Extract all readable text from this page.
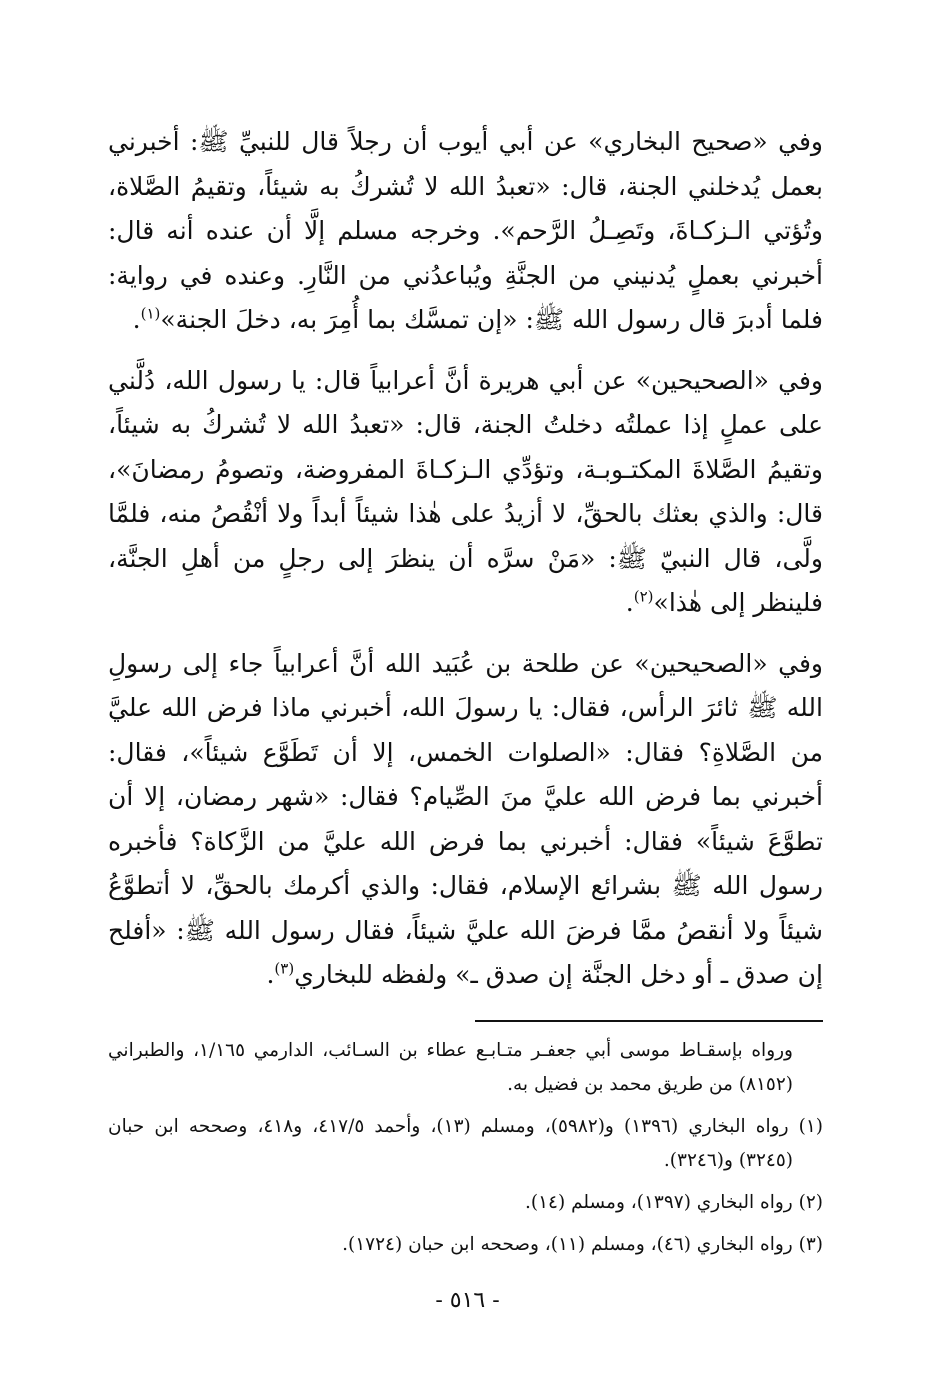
وفي «صحيح البخاري» عن أبي أيوب أن رجلاً قال للنبيِّ ﷺ: أخبرني بعمل يُدخلني الجنة، قال: «تعبدُ الله لا تُشركُ به شيئاً، وتقيمُ الصَّلاة، وتُؤتي الـزكـاةَ، وتَصِـلُ الرَّحم». وخرجه مسلم إلَّا أن عنده أنه قال: أخبرني بعملٍ يُدنيني من الجنَّةِ ويُباعدُني من النَّارِ. وعنده في رواية: فلما أدبرَ قال رسول الله ﷺ: «إن تمسَّك بما أُمِرَ به، دخلَ الجنة»$^{(١)}$.

وفي «الصحيحين» عن أبي هريرة أنَّ أعرابياً قال: يا رسول الله، دُلَّني على عملٍ إذا عملتُه دخلتُ الجنة، قال: «تعبدُ الله لا تُشركُ به شيئاً، وتقيمُ الصَّلاةَ المكتـوبـة، وتؤدِّي الـزكـاةَ المفروضة، وتصومُ رمضانَ»، قال: والذي بعثك بالحقِّ، لا أزيدُ على هٰذا شيئاً أبداً ولا أنْقُصُ منه، فلمَّا ولَّى، قال النبيّ ﷺ: «مَنْ سرَّه أن ينظرَ إلى رجلٍ من أهلِ الجنَّة، فلينظر إلى هٰذا»$^{(٢)}$.

وفي «الصحيحين» عن طلحة بن عُبَيد الله أنَّ أعرابياً جاء إلى رسولِ الله ﷺ ثائرَ الرأس، فقال: يا رسولَ الله، أخبرني ماذا فرض الله عليَّ من الصَّلاةِ؟ فقال: «الصلوات الخمس، إلا أن تَطَوَّع شيئاً»، فقال: أخبرني بما فرض الله عليَّ منَ الصِّيام؟ فقال: «شهر رمضان، إلا أن تطوَّعَ شيئاً» فقال: أخبرني بما فرض الله عليَّ من الزَّكاة؟ فأخبره رسول الله ﷺ بشرائع الإسلام، فقال: والذي أكرمك بالحقِّ، لا أتطوَّعُ شيئاً ولا أنقصُ ممَّا فرضَ الله عليَّ شيئاً، فقال رسول الله ﷺ: «أفلح إن صدق ـ أو دخل الجنَّة إن صدق ـ» ولفظه للبخاري$^{(٣)}$.

ورواه بإسقـاط موسى أبي جعفـر متـابـع عطاء بن السـائب، الدارمي ١/١٦٥، والطبراني (٨١٥٢) من طريق محمد بن فضيل به.

(١) رواه البخاري (١٣٩٦) و(٥٩٨٢)، ومسلم (١٣)، وأحمد ٤١٧/٥، و٤١٨، وصححه ابن حبان (٣٢٤٥) و(٣٢٤٦).

(٢) رواه البخاري (١٣٩٧)، ومسلم (١٤).

(٣) رواه البخاري (٤٦)، ومسلم (١١)، وصححه ابن حبان (١٧٢٤).

- ٥١٦ -
